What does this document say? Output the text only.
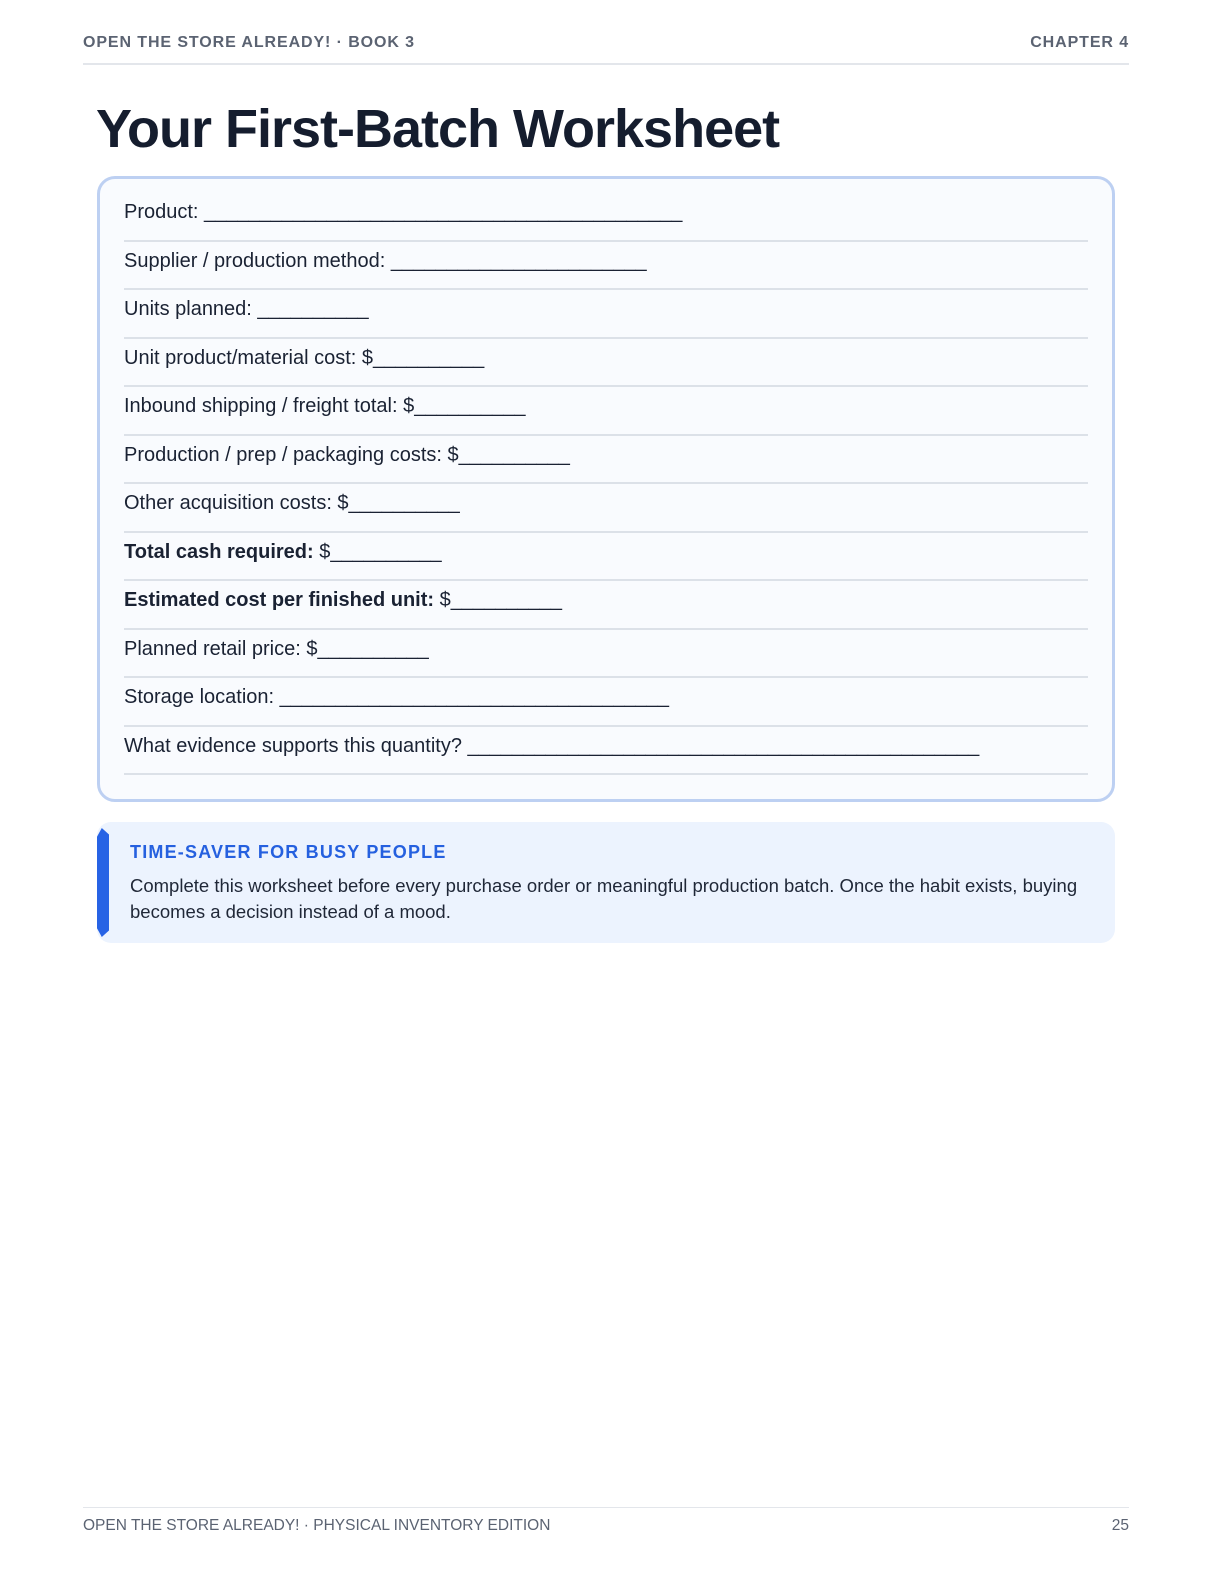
OPEN THE STORE ALREADY! · BOOK 3	CHAPTER 4
Your First-Batch Worksheet
Product: ___________________________________________
Supplier / production method: _______________________
Units planned: __________
Unit product/material cost: $__________
Inbound shipping / freight total: $__________
Production / prep / packaging costs: $__________
Other acquisition costs: $__________
Total cash required: $__________
Estimated cost per finished unit: $__________
Planned retail price: $__________
Storage location: ___________________________________
What evidence supports this quantity? ______________________________________________
TIME-SAVER FOR BUSY PEOPLE
Complete this worksheet before every purchase order or meaningful production batch. Once the habit exists, buying becomes a decision instead of a mood.
OPEN THE STORE ALREADY! · PHYSICAL INVENTORY EDITION	25
